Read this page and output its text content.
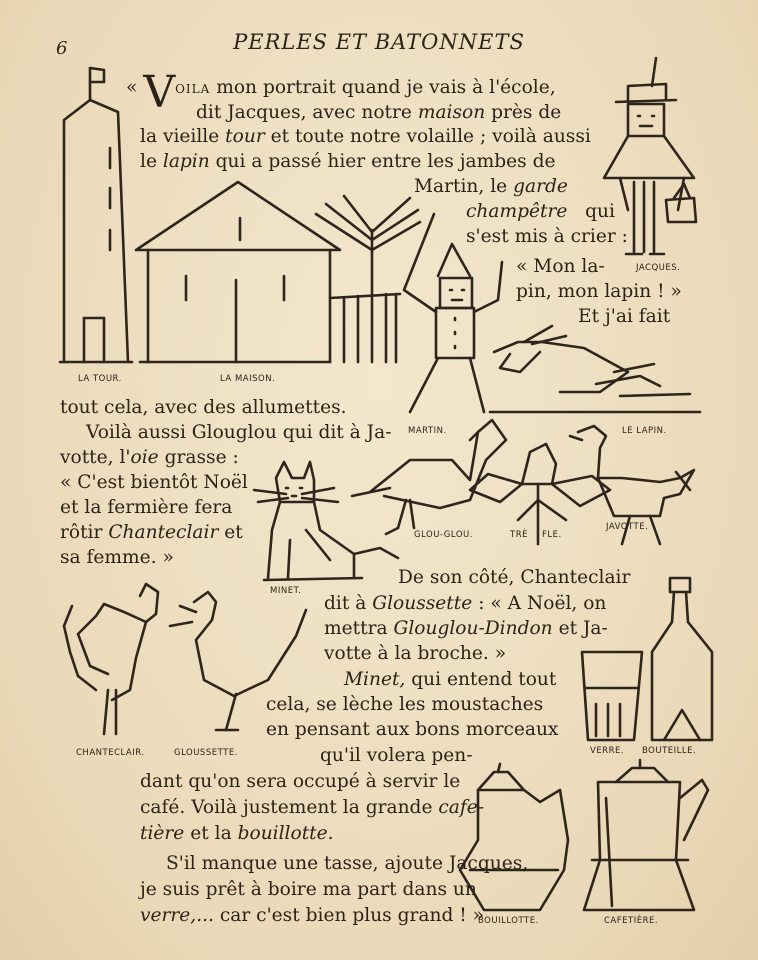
6	PERLES ET BATONNETS
« VOILA mon portrait quand je vais à l'école,
dit Jacques, avec notre maison près de
la vieille tour et toute notre volaille ; voilà aussi
le lapin qui a passé hier entre les jambes de
Martin, le garde
champêtre qui
s'est mis à crier :
« Mon la-
pin, mon lapin ! »
Et j'ai fait
tout cela, avec des allumettes.
Voilà aussi Glouglou qui dit à Ja-
votte, l'oie grasse :
« C'est bientôt Noël
et la fermière fera
rôtir Chanteclair et
sa femme. »
De son côté, Chanteclair
dit à Gloussette : « A Noël, on
mettra Glouglou-Dindon et Ja-
votte à la broche. »
Minet, qui entend tout
cela, se lèche les moustaches
en pensant aux bons morceaux
qu'il volera pen-
dant qu'on sera occupé à servir le
café. Voilà justement la grande cafe-
tière et la bouillotte.
S'il manque une tasse, ajoute Jacques,
je suis prêt à boire ma part dans un
verre,... car c'est bien plus grand ! »
LA TOUR.	LA MAISON.
JACQUES.
MARTIN.	LE LAPIN.
GLOU-GLOU.	TRÈ FLE.
JAVOTTE.
MINET.
CHANTECLAIR.	GLOUSSETTE.	VERRE. BOUTEILLE.
BOUILLOTTE.	CAFETIÈRE.
